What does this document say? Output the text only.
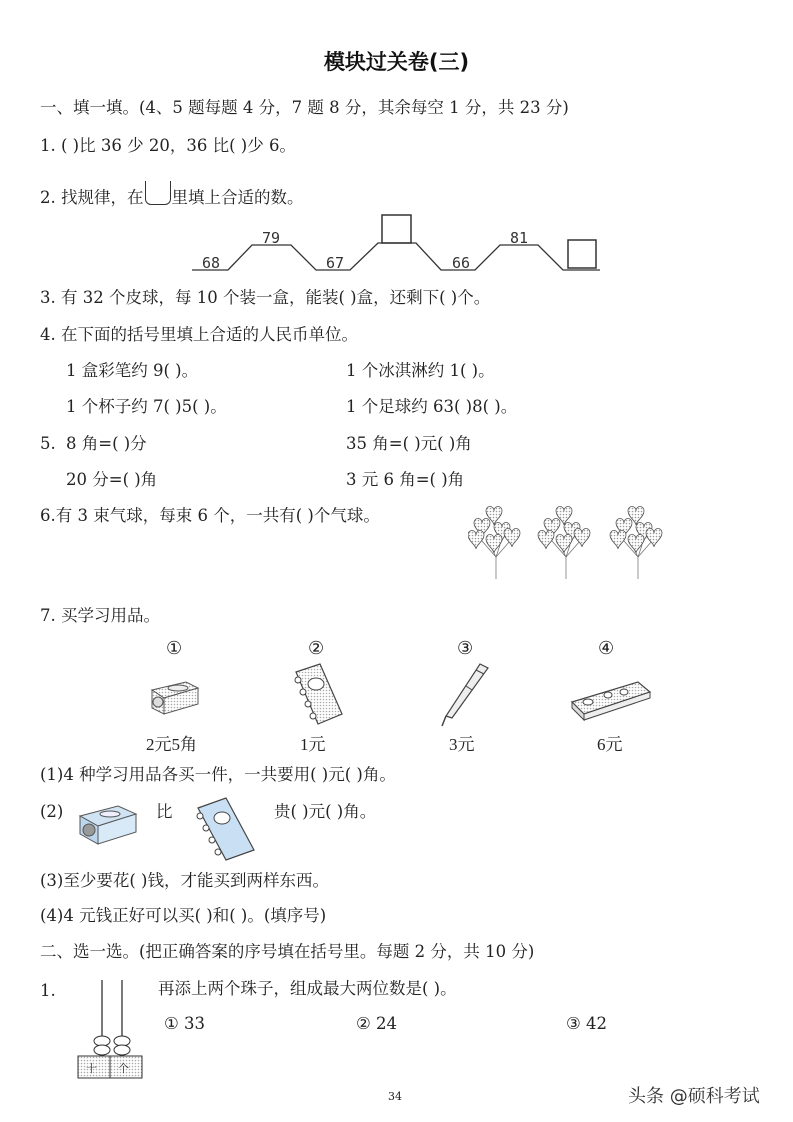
模块过关卷(三)
一、填一填。(4、5 题每题 4 分，7 题 8 分，其余每空 1 分，共 23 分)
1. ( )比 36 少 20，36 比( )少 6。
2. 找规律，在 里填上合适的数。
68
79
67	66
81
3. 有 32 个皮球，每 10 个装一盒，能装( )盒，还剩下( )个。
4. 在下面的括号里填上合适的人民币单位。
1 盒彩笔约 9( )。	1 个冰淇淋约 1( )。
1 个杯子约 7( )5( )。	1 个足球约 63( )8( )。
5. 8 角=( )分	35 角=( )元( )角
20 分=( )角	3 元 6 角=( )角
6.有 3 束气球，每束 6 个，一共有( )个气球。
7. 买学习用品。
①	②	③	④
2元5角	1元	3元	6元
(1)4 种学习用品各买一件，一共要用( )元( )角。
(2)	比	贵( )元( )角。
(3)至少要花( )钱，才能买到两样东西。
(4)4 元钱正好可以买( )和( )。(填序号)
二、选一选。(把正确答案的序号填在括号里。每题 2 分，共 10 分)
1.	再添上两个珠子，组成最大两位数是( )。
十 个
① 33	② 24	③ 42
34	头条 @硕科考试
